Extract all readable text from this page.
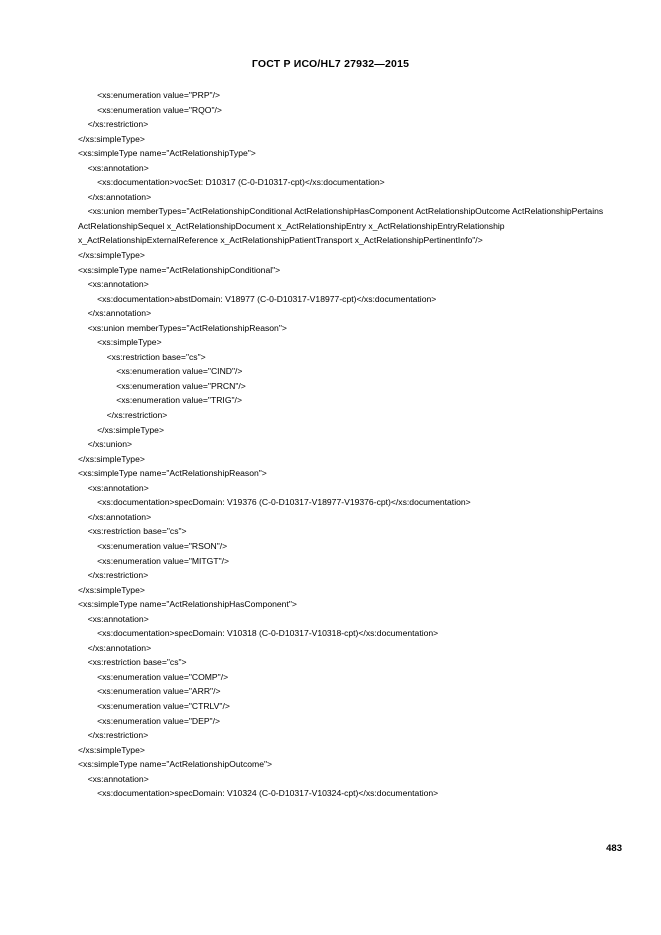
ГОСТ Р ИСО/HL7 27932—2015
<xs:enumeration value="PRP"/>
<xs:enumeration value="RQO"/>
</xs:restriction>
</xs:simpleType>
<xs:simpleType name="ActRelationshipType">
<xs:annotation>
<xs:documentation>vocSet: D10317 (C-0-D10317-cpt)</xs:documentation>
</xs:annotation>
<xs:union memberTypes="ActRelationshipConditional ActRelationshipHasComponent ActRelationshipOutcome ActRelationshipPertains ActRelationshipSequel x_ActRelationshipDocument x_ActRelationshipEntry x_ActRelationshipEntryRelationship x_ActRelationshipExternalReference x_ActRelationshipPatientTransport x_ActRelationshipPertinentInfo"/>
</xs:simpleType>
<xs:simpleType name="ActRelationshipConditional">
<xs:annotation>
<xs:documentation>abstDomain: V18977 (C-0-D10317-V18977-cpt)</xs:documentation>
</xs:annotation>
<xs:union memberTypes="ActRelationshipReason">
<xs:simpleType>
<xs:restriction base="cs">
<xs:enumeration value="CIND"/>
<xs:enumeration value="PRCN"/>
<xs:enumeration value="TRIG"/>
</xs:restriction>
</xs:simpleType>
</xs:union>
</xs:simpleType>
<xs:simpleType name="ActRelationshipReason">
<xs:annotation>
<xs:documentation>specDomain: V19376 (C-0-D10317-V18977-V19376-cpt)</xs:documentation>
</xs:annotation>
<xs:restriction base="cs">
<xs:enumeration value="RSON"/>
<xs:enumeration value="MITGT"/>
</xs:restriction>
</xs:simpleType>
<xs:simpleType name="ActRelationshipHasComponent">
<xs:annotation>
<xs:documentation>specDomain: V10318 (C-0-D10317-V10318-cpt)</xs:documentation>
</xs:annotation>
<xs:restriction base="cs">
<xs:enumeration value="COMP"/>
<xs:enumeration value="ARR"/>
<xs:enumeration value="CTRLV"/>
<xs:enumeration value="DEP"/>
</xs:restriction>
</xs:simpleType>
<xs:simpleType name="ActRelationshipOutcome">
<xs:annotation>
<xs:documentation>specDomain: V10324 (C-0-D10317-V10324-cpt)</xs:documentation>
483
